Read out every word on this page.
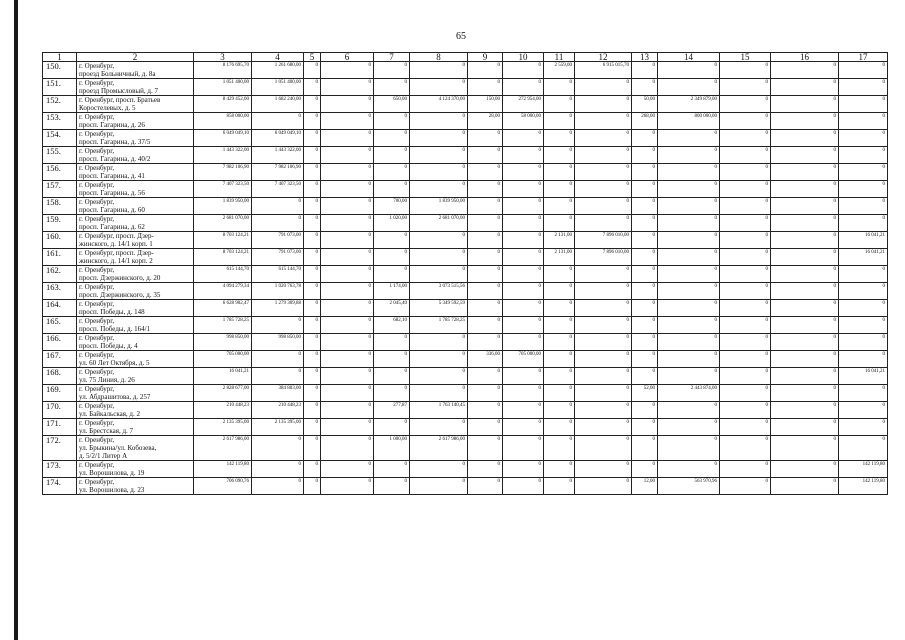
65
1	2	3	4	5	6	7	8	9	10	11	12	13	14	15	16	17
150.	г. Оренбург,
проезд Больничный, д. 8а	8 176 695,70	1 261 680,00	0	0	0	0	0	0	2 559,00	6 915 015,70	0	0	0	0	0
151.	г. Оренбург,
проезд Промысловый, д. 7	1 051 400,00	1 051 400,00	0	0	0	0	0	0	0	0	0	0	0	0	0
152.	г. Оренбург, просп. Братьев
Коростелевых, д. 5	8 429 452,00	1 682 240,00	0	0	650,00	4 124 370,00	150,00	272 954,00	0	0	50,00	2 349 879,00	0	0	0
153.	г. Оренбург,
просп. Гагарина, д. 26	858 000,00	0	0	0	0	0	28,00	58 000,00	0	0	268,00	800 000,00	0	0	0
154.	г. Оренбург,
просп. Гагарина, д. 37/5	6 049 049,10	6 049 049,10	0	0	0	0	0	0	0	0	0	0	0	0	0
155.	г. Оренбург,
просп. Гагарина, д. 40/2	1 443 322,00	1 443 322,00	0	0	0	0	0	0	0	0	0	0	0	0	0
156.	г. Оренбург,
просп. Гагарина, д. 41	7 982 106,90	7 982 106,90	0	0	0	0	0	0	0	0	0	0	0	0	0
157.	г. Оренбург,
просп. Гагарина, д. 56	7 407 323,50	7 407 323,50	0	0	0	0	0	0	0	0	0	0	0	0	0
158.	г. Оренбург,
просп. Гагарина, д. 60	1 839 950,00	0	0	0	700,00	1 839 950,00	0	0	0	0	0	0	0	0	0
159.	г. Оренбург,
просп. Гагарина, д. 62	2 681 070,00	0	0	0	1 020,00	2 681 070,00	0	0	0	0	0	0	0	0	0
160.	г. Оренбург, просп. Дзер-
жинского, д. 14/1 корп. 1	8 703 124,21	791 073,00	0	0	0	0	0	0	2 131,00	7 896 010,00	0	0	0	0	16 041,21
161.	г. Оренбург, просп. Дзер-
жинского, д. 14/1 корп. 2	8 703 124,21	791 073,00	0	0	0	0	0	0	2 131,00	7 896 010,00	0	0	0	0	16 041,21
162.	г. Оренбург,
просп. Дзержинского, д. 20	615 144,70	615 144,70	0	0	0	0	0	0	0	0	0	0	0	0	0
163.	г. Оренбург,
просп. Дзержинского, д. 35	4 094 279,34	1 020 763,78	0	0	1 174,00	3 073 515,56	0	0	0	0	0	0	0	0	0
164.	г. Оренбург,
просп. Победы, д. 148	6 628 902,47	1 279 309,88	0	0	2 045,40	5 349 592,59	0	0	0	0	0	0	0	0	0
165.	г. Оренбург,
просп. Победы, д. 164/1	1 785 728,25	0	0	0	682,10	1 785 728,25	0	0	0	0	0	0	0	0	0
166.	г. Оренбург,
просп. Победы, д. 4	998 850,00	998 850,00	0	0	0	0	0	0	0	0	0	0	0	0	0
167.	г. Оренбург,
ул. 60 Лет Октября, д. 5	705 000,00	0	0	0	0	0	336,00	705 000,00	0	0	0	0	0	0	0
168.	г. Оренбург,
ул. 75 Линия, д. 26	16 041,21	0	0	0	0	0	0	0	0	0	0	0	0	0	16 041,21
169.	г. Оренбург,
ул. Абдрашитова, д. 257	2 828 677,00	384 803,00	0	0	0	0	0	0	0	0	52,00	2 443 874,00	0	0	0
170.	г. Оренбург,
ул. Байкальская, д. 2	210 448,23	210 448,23	0	0	277,87	1 763 140,45	0	0	0	0	0	0	0	0	0
171.	г. Оренбург,
ул. Брестская, д. 7	2 135 395,00	2 135 395,00	0	0	0	0	0	0	0	0	0	0	0	0	0
172.	г. Оренбург,
ул. Брыкина/ул. Кобозева,
д. 5/2/1 Литер А	2 617 986,00	0	0	0	1 000,00	2 617 986,00	0	0	0	0	0	0	0	0	0
173.	г. Оренбург,
ул. Ворошилова, д. 19	142 119,80	0	0	0	0	0	0	0	0	0	0	0	0	0	142 119,80
174.	г. Оренбург,
ул. Ворошилова, д. 23	706 090,76	0	0	0	0	0	0	0	0	0	12,00	563 970,96	0	0	142 119,80
